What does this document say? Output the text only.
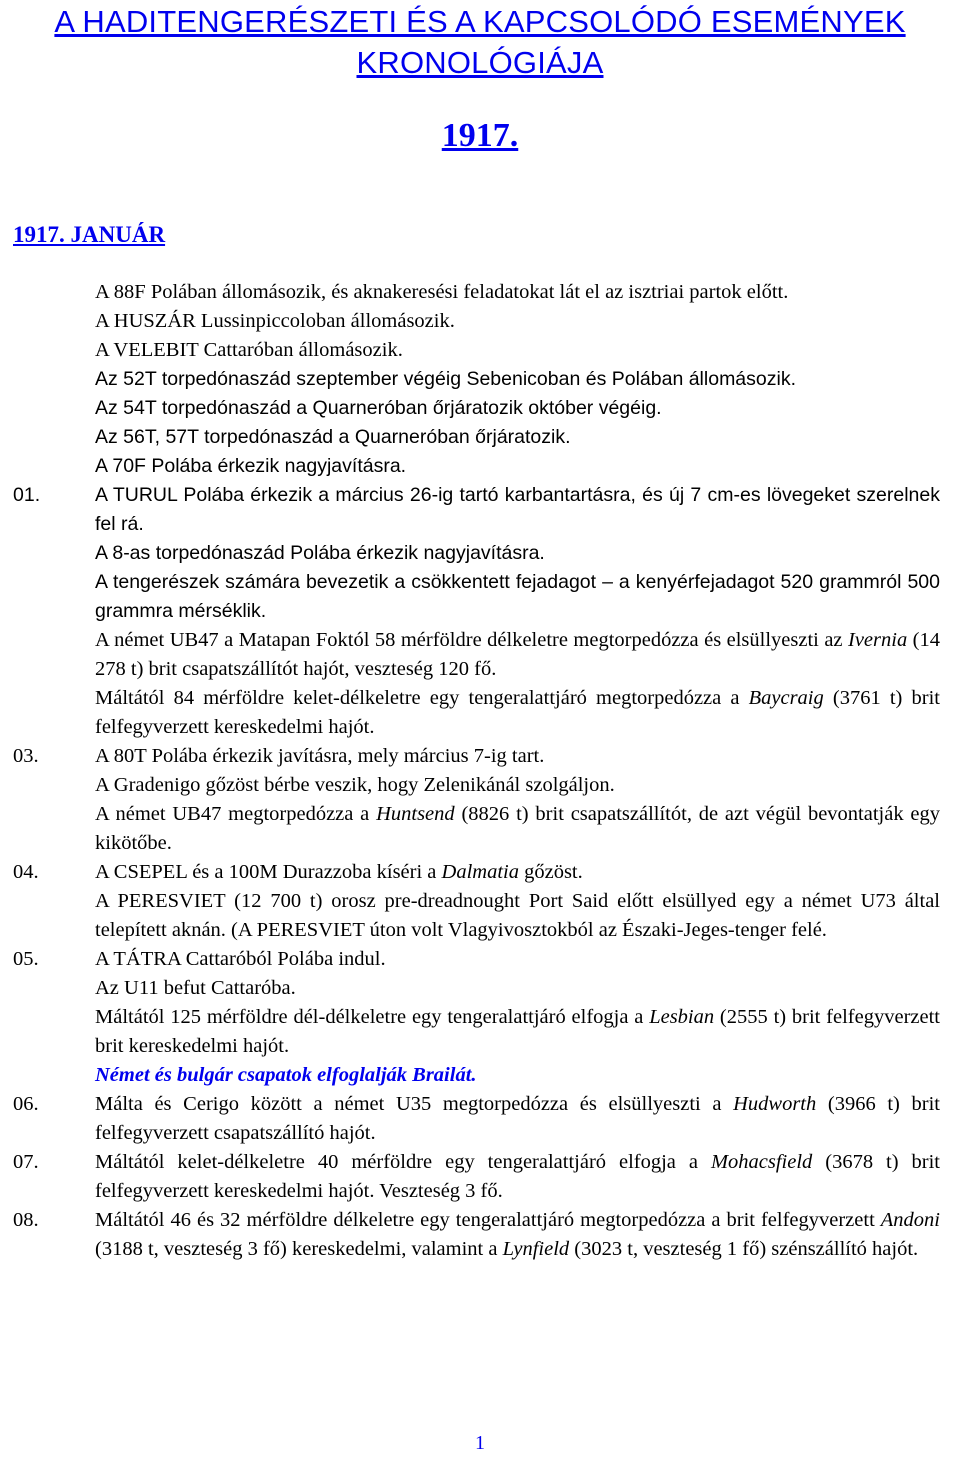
A HADITENGERÉSZETI ÉS A KAPCSOLÓDÓ ESEMÉNYEK
KRONOLÓGIÁJA
1917.
1917. JANUÁR
A 88F Polában állomásozik, és aknakeresési feladatokat lát el az isztriai partok előtt.
A HUSZÁR Lussinpiccoloban állomásozik.
A VELEBIT Cattaróban állomásozik.
Az 52T torpedónaszád szeptember végéig Sebenicoban és Polában állomásozik.
Az 54T torpedónaszád a Quarneróban őrjáratozik október végéig.
Az 56T, 57T torpedónaszád a Quarneróban őrjáratozik.
A 70F Polába érkezik nagyjavításra.
01.	A TURUL Polába érkezik a március 26-ig tartó karbantartásra, és új 7 cm-es lövegeket szerelnek fel rá.
A 8-as torpedónaszád Polába érkezik nagyjavításra.
A tengerészek számára bevezetik a csökkentett fejadagot – a kenyérfejadagot 520 grammról 500 grammra mérséklik.
A német UB47 a Matapan Foktól 58 mérföldre délkeletre megtorpedózza és elsüllyeszti az Ivernia (14 278 t) brit csapatszállítót hajót, veszteség 120 fő.
Máltától 84 mérföldre kelet-délkeletre egy tengeralattjáró megtorpedózza a Baycraig (3761 t) brit felfegyverzett kereskedelmi hajót.
03.	A 80T Polába érkezik javításra, mely március 7-ig tart.
A Gradenigo gőzöst bérbe veszik, hogy Zelenikánál szolgáljon.
A német UB47 megtorpedózza a Huntsend (8826 t) brit csapatszállítót, de azt végül bevontatják egy kikötőbe.
04.	A CSEPEL és a 100M Durazzoba kíséri a Dalmatia gőzöst.
A PERESVIET (12 700 t) orosz pre-dreadnought Port Said előtt elsüllyed egy a német U73 által telepített aknán. (A PERESVIET úton volt Vlagyivosztokból az Északi-Jeges-tenger felé.
05.	A TÁTRA Cattaróból Polába indul.
Az U11 befut Cattaróba.
Máltától 125 mérföldre dél-délkeletre egy tengeralattjáró elfogja a Lesbian (2555 t) brit felfegyverzett brit kereskedelmi hajót.
Német és bulgár csapatok elfoglalják Brailát.
06.	Málta és Cerigo között a német U35 megtorpedózza és elsüllyeszti a Hudworth (3966 t) brit felfegyverzett csapatszállító hajót.
07.	Máltától kelet-délkeletre 40 mérföldre egy tengeralattjáró elfogja a Mohacsfield (3678 t) brit felfegyverzett kereskedelmi hajót. Veszteség 3 fő.
08.	Máltától 46 és 32 mérföldre délkeletre egy tengeralattjáró megtorpedózza a brit felfegyverzett Andoni (3188 t, veszteség 3 fő) kereskedelmi, valamint a Lynfield (3023 t, veszteség 1 fő) szénszállító hajót.
1
